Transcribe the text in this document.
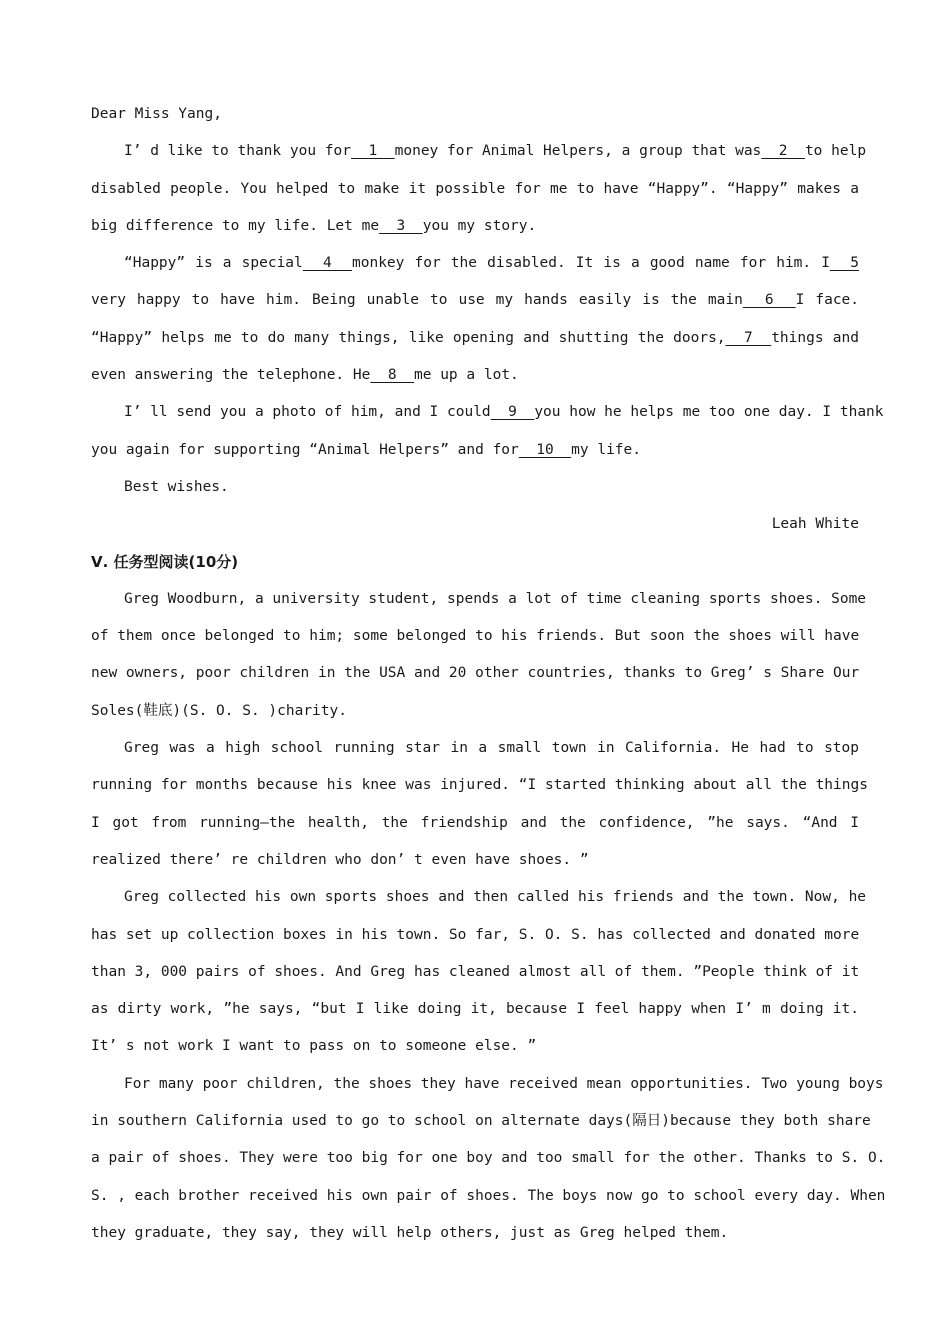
Dear Miss Yang,
I’ d like to thank you for  1  money for Animal Helpers, a group that was  2  to help
disabled people. You helped to make it possible for me to have “Happy”. “Happy” makes a
big difference to my life. Let me  3  you my story.
“Happy” is a special  4  monkey for the disabled. It is a good name for him. I  5
very happy to have him. Being unable to use my hands easily is the main  6  I face.
“Happy” helps me to do many things, like opening and shutting the doors,  7  things and
even answering the telephone. He  8  me up a lot.
I’ ll send you a photo of him, and I could  9  you how he helps me too one day. I thank
you again for supporting “Animal Helpers” and for  10  my life.
Best wishes.
Leah White
Ⅴ. 任务型阅读(10分)
Greg Woodburn, a university student, spends a lot of time cleaning sports shoes. Some
of them once belonged to him; some belonged to his friends. But soon the shoes will have
new owners, poor children in the USA and 20 other countries, thanks to Greg’ s Share Our
Soles(鞋底)(S. O. S. )charity.
Greg was a high school running star in a small town in California. He had to stop
running for months because his knee was injured. “I started thinking about all the things
I got from running—the health, the friendship and the confidence, ”he says. “And I
realized there’ re children who don’ t even have shoes. ”
Greg collected his own sports shoes and then called his friends and the town. Now, he
has set up collection boxes in his town. So far, S. O. S. has collected and donated more
than 3, 000 pairs of shoes. And Greg has cleaned almost all of them. ”People think of it
as dirty work, ”he says, “but I like doing it, because I feel happy when I’ m doing it.
It’ s not work I want to pass on to someone else. ”
For many poor children, the shoes they have received mean opportunities. Two young boys
in southern California used to go to school on alternate days(隔日)because they both share
a pair of shoes. They were too big for one boy and too small for the other. Thanks to S. O.
S. , each brother received his own pair of shoes. The boys now go to school every day. When
they graduate, they say, they will help others, just as Greg helped them.
